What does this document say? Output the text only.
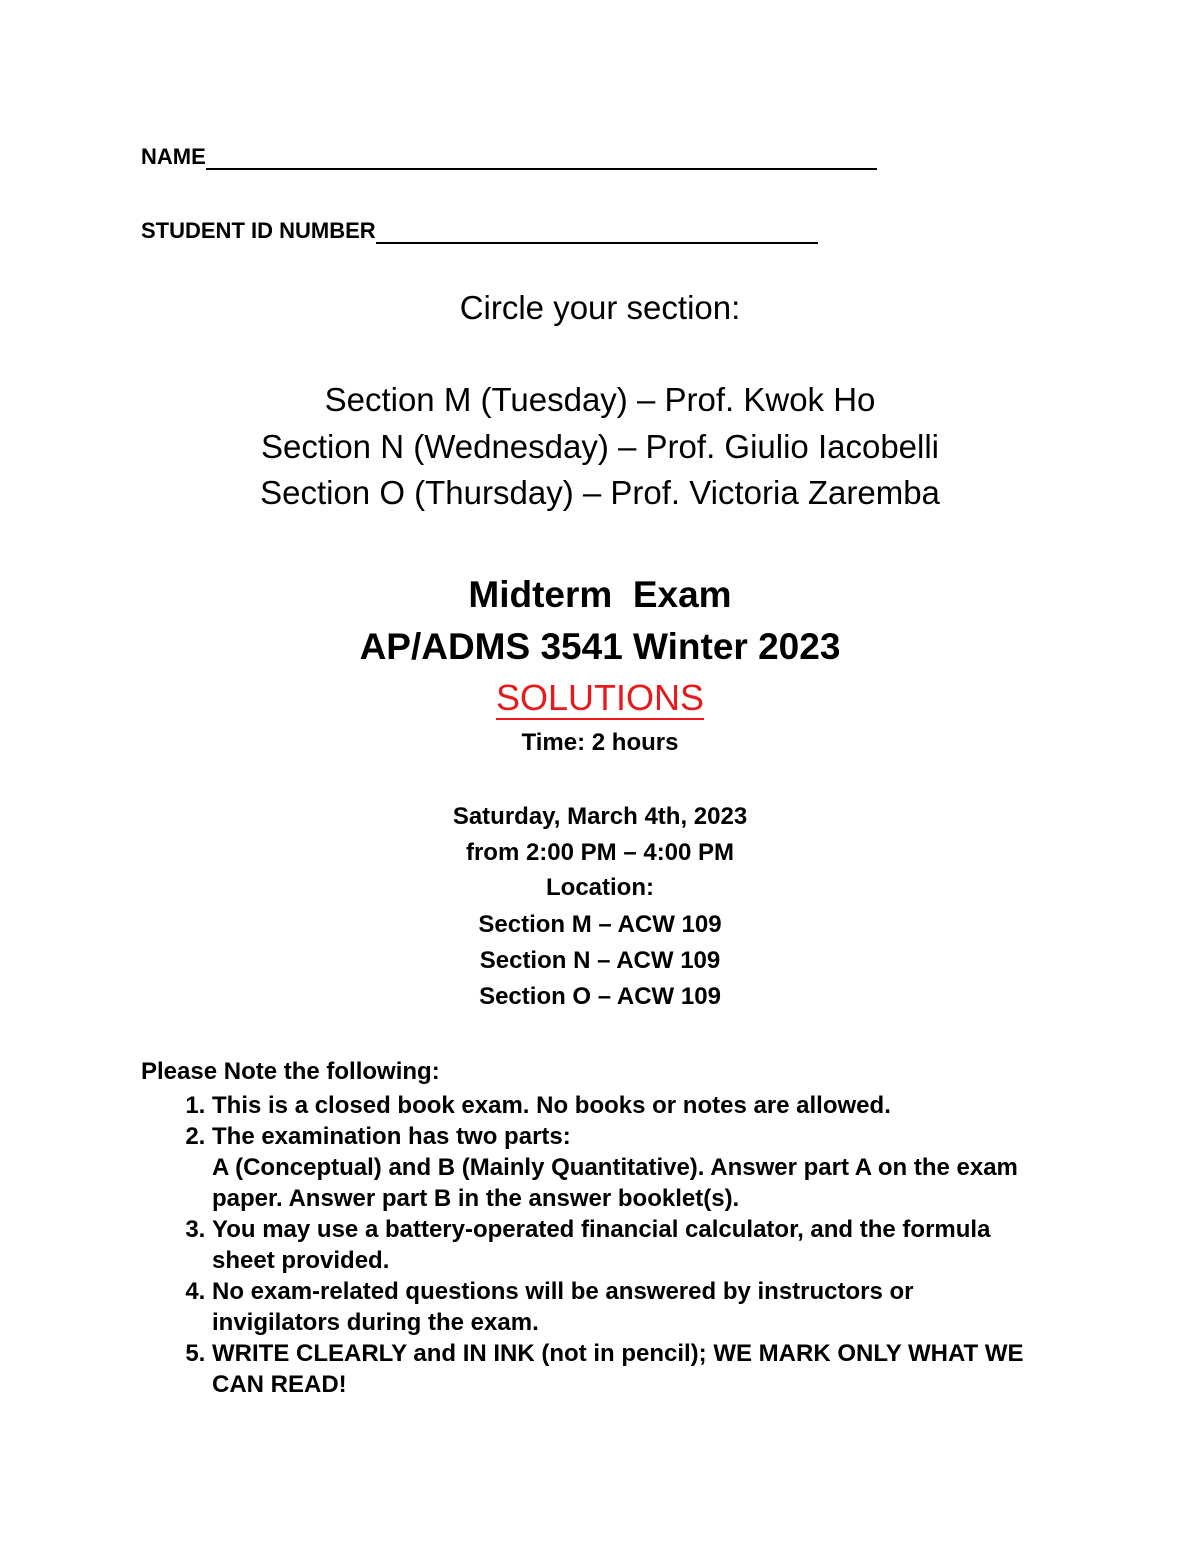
NAME
STUDENT ID NUMBER
Circle your section:
Section M (Tuesday) – Prof. Kwok Ho
Section N (Wednesday) – Prof. Giulio Iacobelli
Section O (Thursday) – Prof. Victoria Zaremba
Midterm  Exam
AP/ADMS 3541 Winter 2023
SOLUTIONS
Time: 2 hours
Saturday, March 4th, 2023
from 2:00 PM – 4:00 PM
Location:
Section M – ACW 109
Section N – ACW 109
Section O – ACW 109

Please Note the following:

1. This is a closed book exam. No books or notes are allowed.
2. The examination has two parts:
A (Conceptual) and B (Mainly Quantitative). Answer part A on the exam paper. Answer part B in the answer booklet(s).
3. You may use a battery-operated financial calculator, and the formula sheet provided.
4. No exam-related questions will be answered by instructors or invigilators during the exam.
5. WRITE CLEARLY and IN INK (not in pencil); WE MARK ONLY WHAT WE CAN READ!
